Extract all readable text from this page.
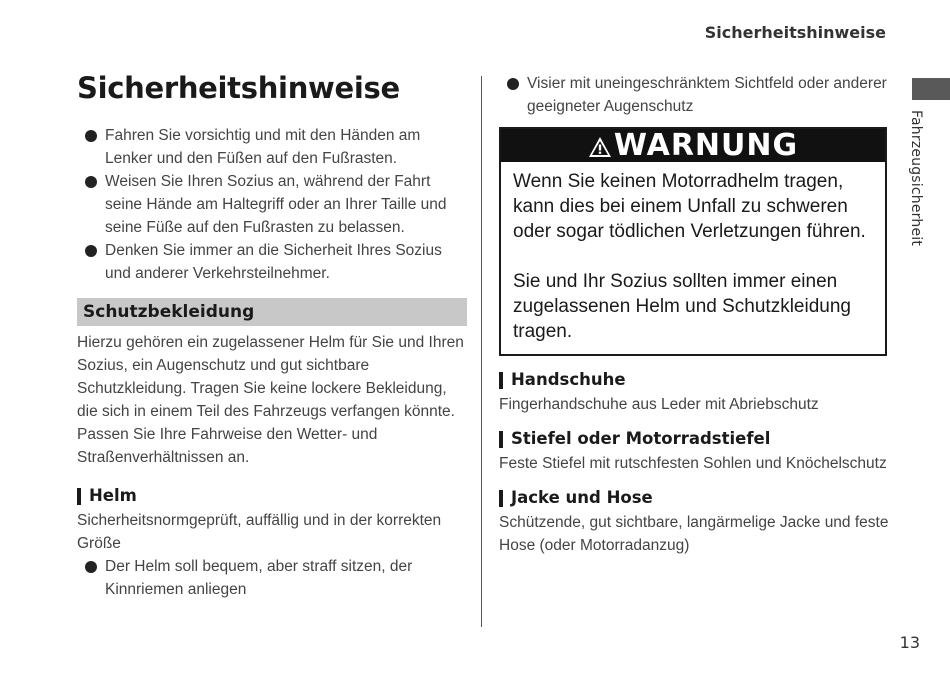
Sicherheitshinweise
Fahrzeugsicherheit
13
Sicherheitshinweise
Fahren Sie vorsichtig und mit den Händen am Lenker und den Füßen auf den Fußrasten.
Weisen Sie Ihren Sozius an, während der Fahrt seine Hände am Haltegriff oder an Ihrer Taille und seine Füße auf den Fußrasten zu belassen.
Denken Sie immer an die Sicherheit Ihres Sozius und anderer Verkehrsteilnehmer.
Schutzbekleidung

Hierzu gehören ein zugelassener Helm für Sie und Ihren Sozius, ein Augenschutz und gut sichtbare Schutzkleidung. Tragen Sie keine lockere Bekleidung, die sich in einem Teil des Fahrzeugs verfangen könnte. Passen Sie Ihre Fahrweise den Wetter- und Straßenverhältnissen an.

Helm

Sicherheitsnormgeprüft, auffällig und in der korrekten Größe

Der Helm soll bequem, aber straff sitzen, der Kinnriemen anliegen
Visier mit uneingeschränktem Sichtfeld oder anderer geeigneter Augenschutz
WARNUNG

Wenn Sie keinen Motorradhelm tragen, kann dies bei einem Unfall zu schweren oder sogar tödlichen Verletzungen führen.

Sie und Ihr Sozius sollten immer einen zugelassenen Helm und Schutzkleidung tragen.

Handschuhe

Fingerhandschuhe aus Leder mit Abriebschutz

Stiefel oder Motorradstiefel

Feste Stiefel mit rutschfesten Sohlen und Knöchelschutz

Jacke und Hose

Schützende, gut sichtbare, langärmelige Jacke und feste Hose (oder Motorradanzug)
